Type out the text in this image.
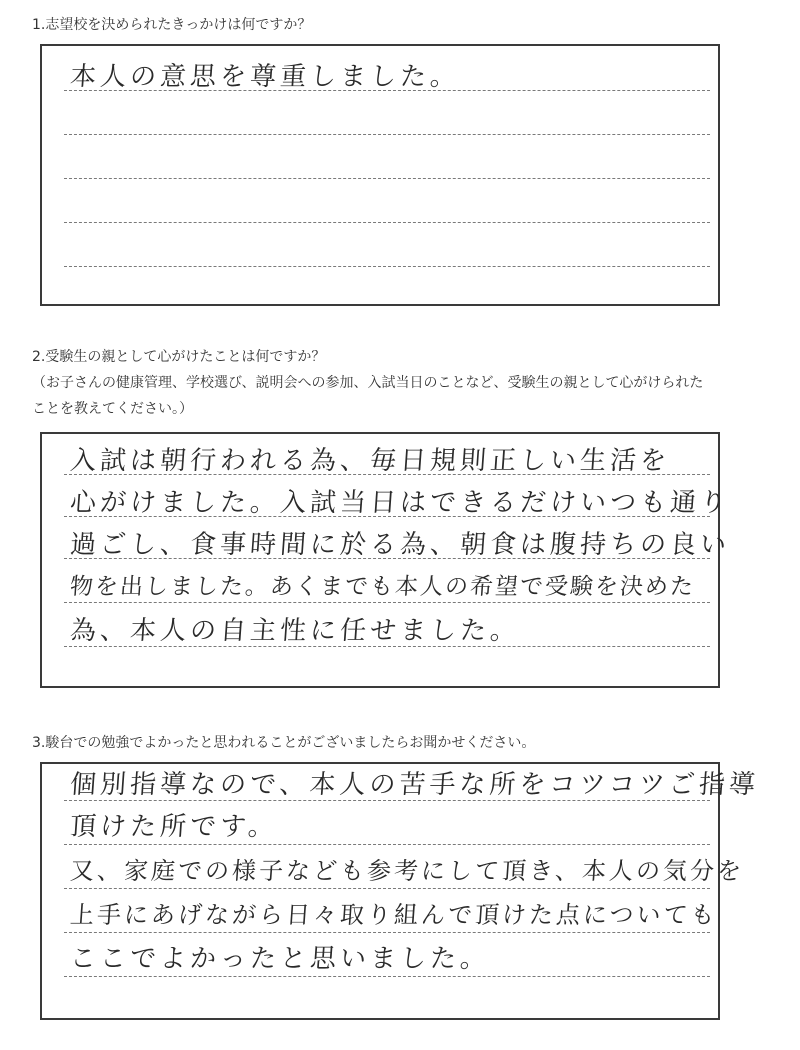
1.志望校を決められたきっかけは何ですか？

本人の意思を尊重しました。

2.受験生の親として心がけたことは何ですか？

（お子さんの健康管理、学校選び、説明会への参加、入試当日のことなど、受験生の親として心がけられた

ことを教えてください。）

入試は朝行われる為、毎日規則正しい生活を
心がけました。入試当日はできるだけいつも通り
過ごし、食事時間に於る為、朝食は腹持ちの良い
物を出しました。あくまでも本人の希望で受験を決めた
為、本人の自主性に任せました。

3.駿台での勉強でよかったと思われることがございましたらお聞かせください。

個別指導なので、本人の苦手な所をコツコツご指導
頂けた所です。
又、家庭での様子なども参考にして頂き、本人の気分を
上手にあげながら日々取り組んで頂けた点についても
ここでよかったと思いました。
